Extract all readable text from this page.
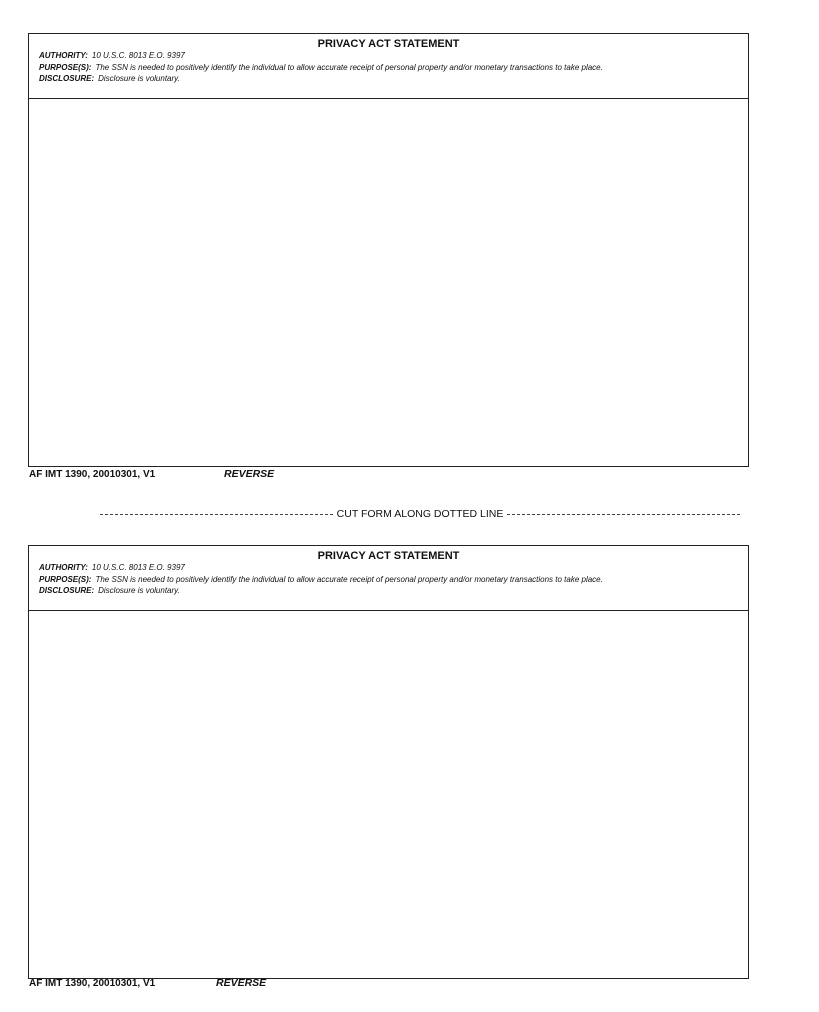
PRIVACY ACT STATEMENT
AUTHORITY: 10 U.S.C. 8013 E.O. 9397
PURPOSE(S): The SSN is needed to positively identify the individual to allow accurate receipt of personal property and/or monetary transactions to take place.
DISCLOSURE: Disclosure is voluntary.
AF IMT 1390, 20010301, V1	REVERSE
CUT FORM ALONG DOTTED LINE
PRIVACY ACT STATEMENT
AUTHORITY: 10 U.S.C. 8013 E.O. 9397
PURPOSE(S): The SSN is needed to positively identify the individual to allow accurate receipt of personal property and/or monetary transactions to take place.
DISCLOSURE: Disclosure is voluntary.
AF IMT 1390, 20010301, V1	REVERSE
